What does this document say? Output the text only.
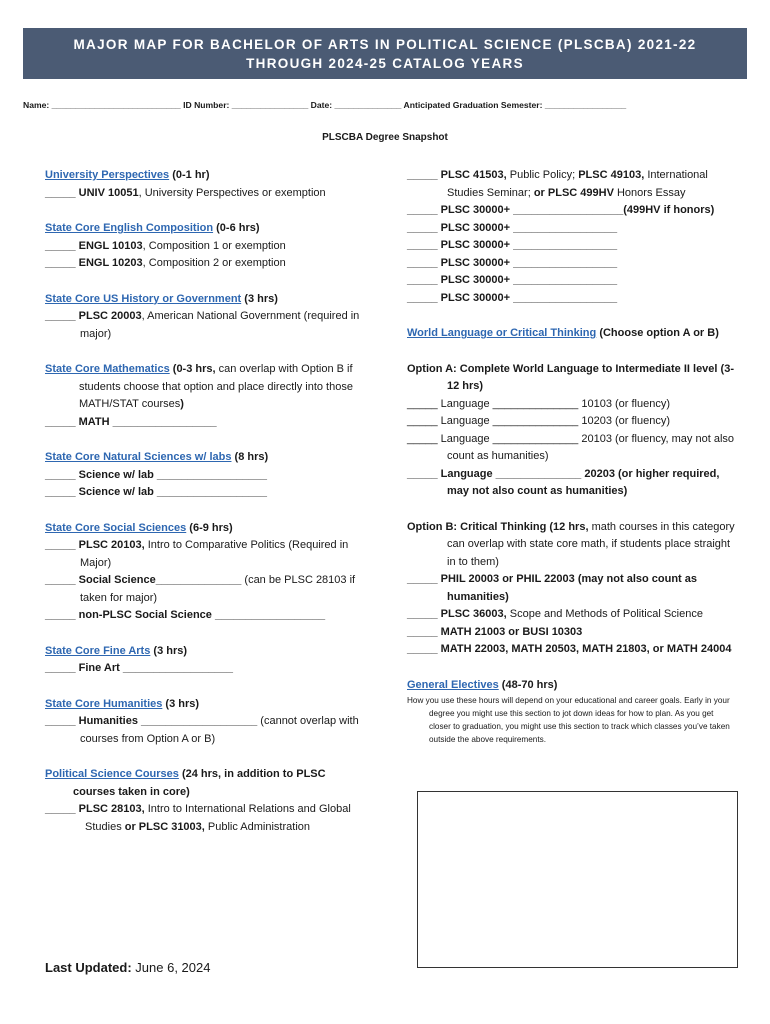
MAJOR MAP FOR BACHELOR OF ARTS IN POLITICAL SCIENCE (PLSCBA) 2021-22
THROUGH 2024-25 CATALOG YEARS
Name: ___________________________ ID Number: ________________ Date: ______________ Anticipated Graduation Semester: _________________
PLSCBA Degree Snapshot
University Perspectives (0-1 hr)
_____ UNIV 10051, University Perspectives or exemption
State Core English Composition (0-6 hrs)
_____ ENGL 10103, Composition 1 or exemption
_____ ENGL 10203, Composition 2 or exemption
State Core US History or Government (3 hrs)
_____ PLSC 20003, American National Government (required in major)
State Core Mathematics (0-3 hrs, can overlap with Option B if students choose that option and place directly into those MATH/STAT courses)
_____ MATH _________________
State Core Natural Sciences w/ labs (8 hrs)
_____ Science w/ lab __________________
_____ Science w/ lab __________________
State Core Social Sciences (6-9 hrs)
_____ PLSC 20103, Intro to Comparative Politics (Required in Major)
_____ Social Science______________ (can be PLSC 28103 if taken for major)
_____ non-PLSC Social Science __________________
State Core Fine Arts (3 hrs)
_____ Fine Art __________________
State Core Humanities (3 hrs)
_____ Humanities ___________________ (cannot overlap with courses from Option A or B)
Political Science Courses (24 hrs, in addition to PLSC courses taken in core)
_____ PLSC 28103, Intro to International Relations and Global Studies or PLSC 31003, Public Administration
_____ PLSC 41503, Public Policy; PLSC 49103, International Studies Seminar; or PLSC 499HV Honors Essay
_____ PLSC 30000+ __________________(499HV if honors)
_____ PLSC 30000+ _________________
_____ PLSC 30000+ _________________
_____ PLSC 30000+ _________________
_____ PLSC 30000+ _________________
_____ PLSC 30000+ _________________
World Language or Critical Thinking (Choose option A or B)
Option A: Complete World Language to Intermediate II level (3-12 hrs)
_____ Language ______________ 10103 (or fluency)
_____ Language ______________ 10203 (or fluency)
_____ Language ______________ 20103 (or fluency, may not also count as humanities)
_____ Language ______________ 20203 (or higher required, may not also count as humanities)
Option B: Critical Thinking (12 hrs, math courses in this category can overlap with state core math, if students place straight in to them)
_____ PHIL 20003 or PHIL 22003 (may not also count as humanities)
_____ PLSC 36003, Scope and Methods of Political Science
_____ MATH 21003 or BUSI 10303
_____ MATH 22003, MATH 20503, MATH 21803, or MATH 24004
General Electives (48-70 hrs)
How you use these hours will depend on your educational and career goals. Early in your degree you might use this section to jot down ideas for how to plan. As you get closer to graduation, you might use this section to track which classes you’ve taken outside the above requirements.
Last Updated: June 6, 2024
